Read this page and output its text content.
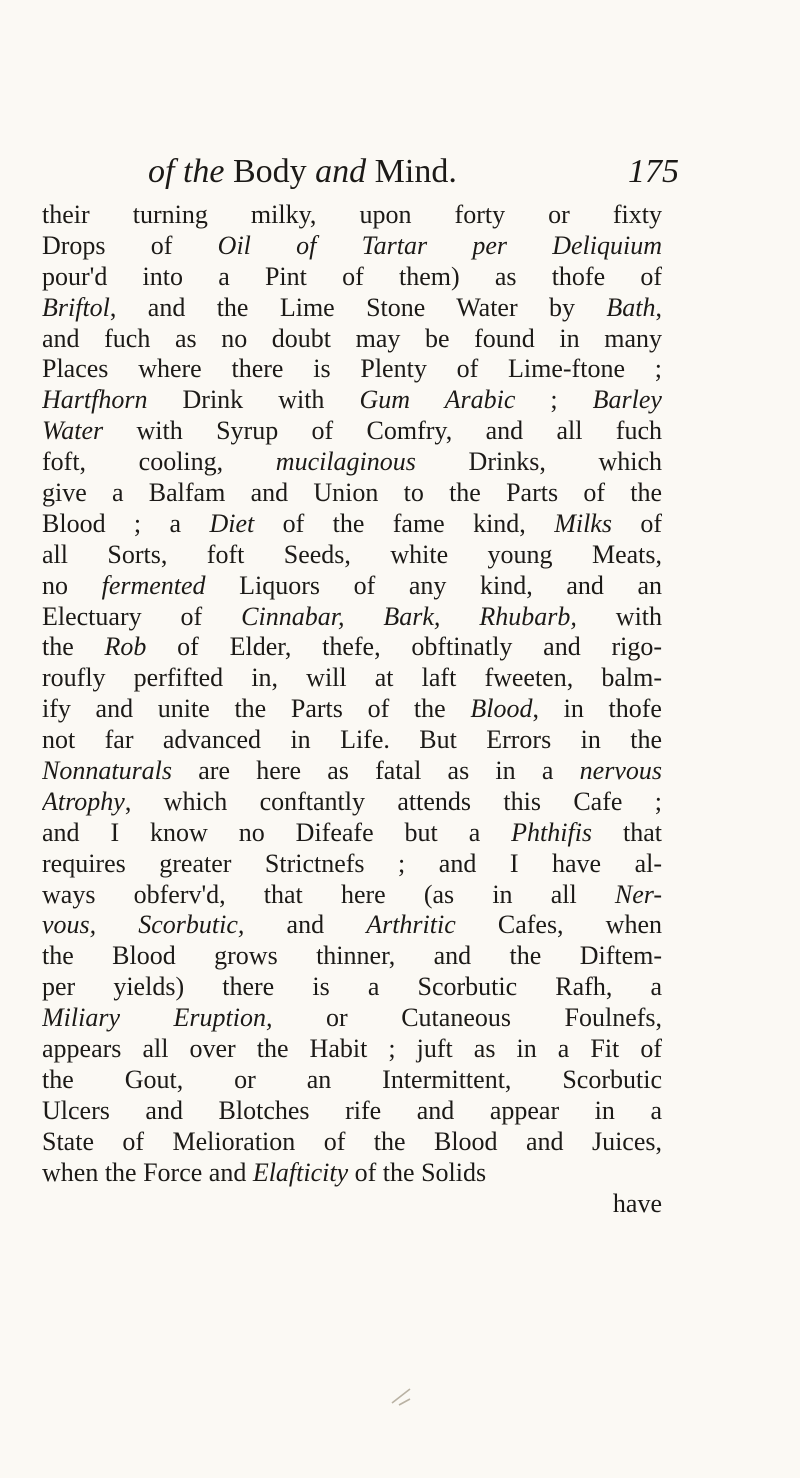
of the Body and Mind.	175
their turning milky, upon forty or fixty
Drops of Oil of Tartar per Deliquium
pour'd into a Pint of them) as thofe of
Briftol, and the Lime Stone Water by Bath,
and fuch as no doubt may be found in many
Places where there is Plenty of Lime-ftone ;
Hartfhorn Drink with Gum Arabic ; Barley
Water with Syrup of Comfry, and all fuch
foft, cooling, mucilaginous Drinks, which
give a Balfam and Union to the Parts of the
Blood ; a Diet of the fame kind, Milks of
all Sorts, foft Seeds, white young Meats,
no fermented Liquors of any kind, and an
Electuary of Cinnabar, Bark, Rhubarb, with
the Rob of Elder, thefe, obftinatly and rigo-
roufly perfifted in, will at laft fweeten, balm-
ify and unite the Parts of the Blood, in thofe
not far advanced in Life. But Errors in the
Nonnaturals are here as fatal as in a nervous
Atrophy, which conftantly attends this Cafe ;
and I know no Difeafe but a Phthifis that
requires greater Strictnefs ; and I have al-
ways obferv'd, that here (as in all Ner-
vous, Scorbutic, and Arthritic Cafes, when
the Blood grows thinner, and the Diftem-
per yields) there is a Scorbutic Rafh, a
Miliary Eruption, or Cutaneous Foulnefs,
appears all over the Habit ; juft as in a Fit of
the Gout, or an Intermittent, Scorbutic
Ulcers and Blotches rife and appear in a
State of Melioration of the Blood and Juices,
when the Force and Elafticity of the Solids
have
